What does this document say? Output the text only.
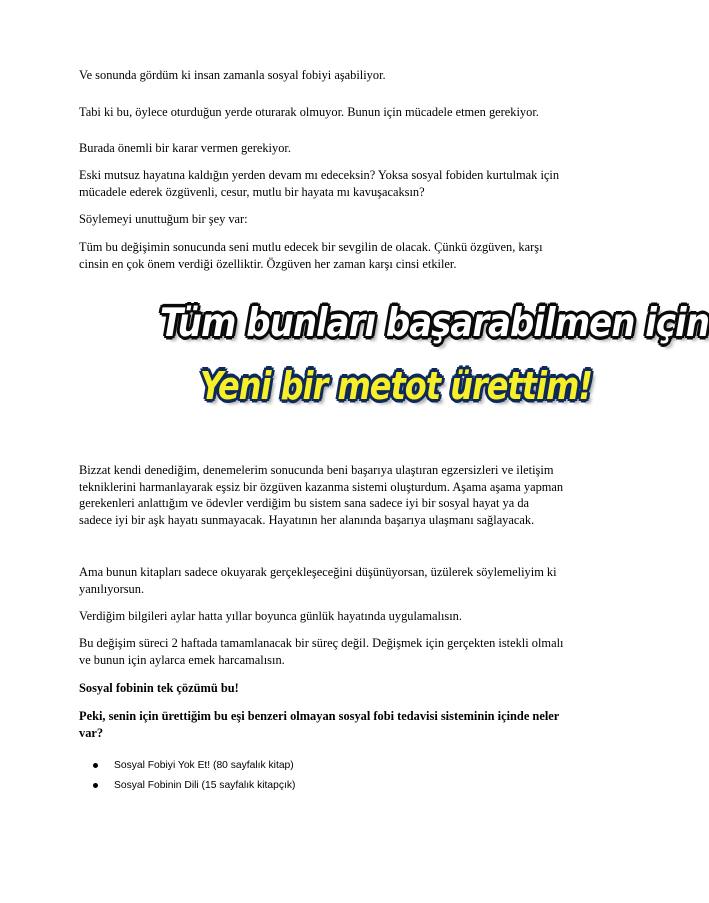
Ve sonunda gördüm ki insan zamanla sosyal fobiyi aşabiliyor.

Tabi ki bu, öylece oturduğun yerde oturarak olmuyor. Bunun için mücadele etmen gerekiyor.

Burada önemli bir karar vermen gerekiyor.

Eski mutsuz hayatına kaldığın yerden devam mı edeceksin? Yoksa sosyal fobiden kurtulmak için mücadele ederek özgüvenli, cesur, mutlu bir hayata mı kavuşacaksın?

Söylemeyi unuttuğum bir şey var:

Tüm bu değişimin sonucunda seni mutlu edecek bir sevgilin de olacak. Çünkü özgüven, karşı cinsin en çok önem verdiği özelliktir. Özgüven her zaman karşı cinsi etkiler.

Tüm bunları başarabilmen için
Yeni bir metot ürettim!

Bizzat kendi denediğim, denemelerim sonucunda beni başarıya ulaştıran egzersizleri ve iletişim tekniklerini harmanlayarak eşsiz bir özgüven kazanma sistemi oluşturdum. Aşama aşama yapman gerekenleri anlattığım ve ödevler verdiğim bu sistem sana sadece iyi bir sosyal hayat ya da sadece iyi bir aşk hayatı sunmayacak. Hayatının her alanında başarıya ulaşmanı sağlayacak.

Ama bunun kitapları sadece okuyarak gerçekleşeceğini düşünüyorsan, üzülerek söylemeliyim ki yanılıyorsun.

Verdiğim bilgileri aylar hatta yıllar boyunca günlük hayatında uygulamalısın.

Bu değişim süreci 2 haftada tamamlanacak bir süreç değil. Değişmek için gerçekten istekli olmalı ve bunun için aylarca emek harcamalısın.

Sosyal fobinin tek çözümü bu!

Peki, senin için ürettiğim bu eşi benzeri olmayan sosyal fobi tedavisi sisteminin içinde neler var?

Sosyal Fobiyi Yok Et! (80 sayfalık kitap)
Sosyal Fobinin Dili (15 sayfalık kitapçık)
